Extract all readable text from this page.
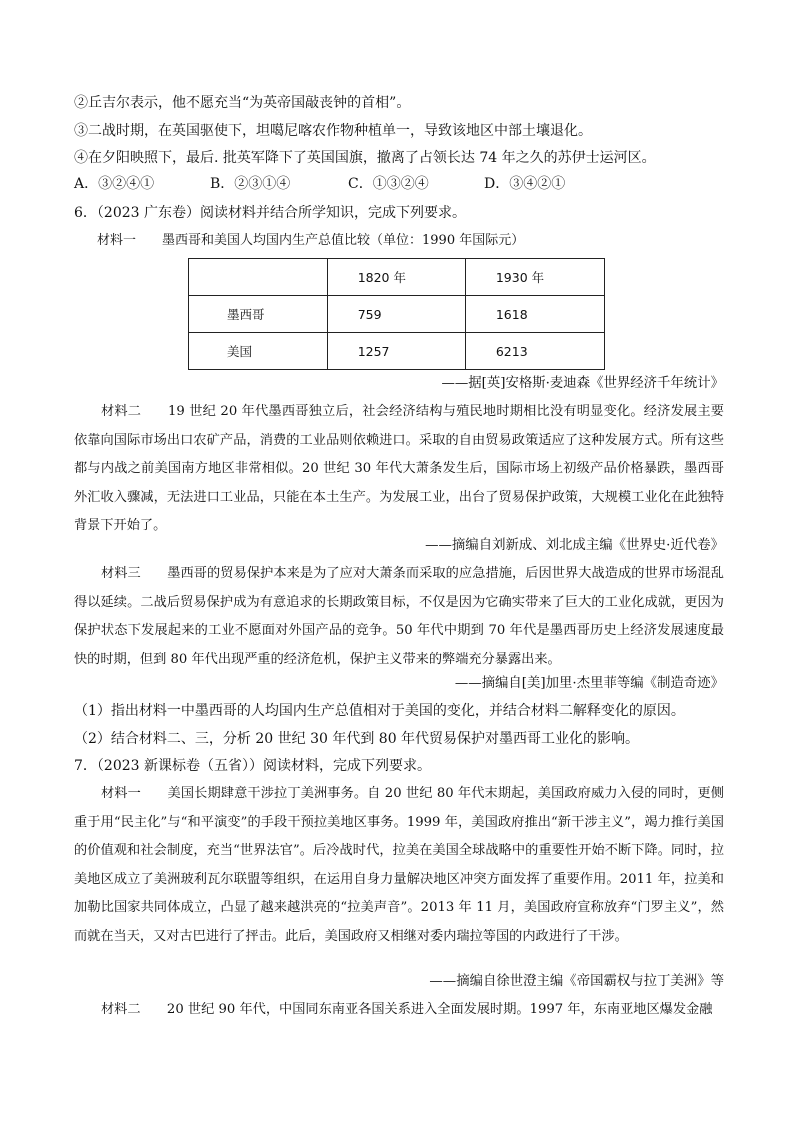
②丘吉尔表示，他不愿充当“为英帝国敲丧钟的首相”。
③二战时期，在英国驱使下，坦噶尼喀农作物种植单一，导致该地区中部土壤退化。
④在夕阳映照下，最后. 批英军降下了英国国旗，撤离了占领长达 74 年之久的苏伊士运河区。
A．③②④①	B．②③①④	C．①③②④	D．③④②①
6．（2023 广东卷）阅读材料并结合所学知识，完成下列要求。
材料一　　墨西哥和美国人均国内生产总值比较（单位：1990 年国际元）
	1820 年	1930 年
墨西哥	759	1618
美国	1257	6213
——据[英]安格斯·麦迪森《世界经济千年统计》
材料二　　19 世纪 20 年代墨西哥独立后，社会经济结构与殖民地时期相比没有明显变化。经济发展主要依靠向国际市场出口农矿产品，消费的工业品则依赖进口。采取的自由贸易政策适应了这种发展方式。所有这些都与内战之前美国南方地区非常相似。20 世纪 30 年代大萧条发生后，国际市场上初级产品价格暴跌，墨西哥外汇收入骤减，无法进口工业品，只能在本土生产。为发展工业，出台了贸易保护政策，大规模工业化在此独特背景下开始了。
——摘编自刘新成、刘北成主编《世界史·近代卷》
材料三　　墨西哥的贸易保护本来是为了应对大萧条而采取的应急措施，后因世界大战造成的世界市场混乱得以延续。二战后贸易保护成为有意追求的长期政策目标，不仅是因为它确实带来了巨大的工业化成就，更因为保护状态下发展起来的工业不愿面对外国产品的竞争。50 年代中期到 70 年代是墨西哥历史上经济发展速度最快的时期，但到 80 年代出现严重的经济危机，保护主义带来的弊端充分暴露出来。
——摘编自[美]加里·杰里菲等编《制造奇迹》
（1）指出材料一中墨西哥的人均国内生产总值相对于美国的变化，并结合材料二解释变化的原因。
（2）结合材料二、三，分析 20 世纪 30 年代到 80 年代贸易保护对墨西哥工业化的影响。
7．（2023 新课标卷（五省））阅读材料，完成下列要求。
材料一　　美国长期肆意干涉拉丁美洲事务。自 20 世纪 80 年代末期起，美国政府威力入侵的同时，更侧重于用“民主化”与“和平演变”的手段干预拉美地区事务。1999 年，美国政府推出“新干涉主义”，竭力推行美国的价值观和社会制度，充当“世界法官”。后冷战时代，拉美在美国全球战略中的重要性开始不断下降。同时，拉美地区成立了美洲玻利瓦尔联盟等组织，在运用自身力量解决地区冲突方面发挥了重要作用。2011 年，拉美和加勒比国家共同体成立，凸显了越来越洪亮的“拉美声音”。2013 年 11 月，美国政府宣称放弃“门罗主义”，然而就在当天，又对古巴进行了抨击。此后，美国政府又相继对委内瑞拉等国的内政进行了干涉。
——摘编自徐世澄主编《帝国霸权与拉丁美洲》等
材料二　　20 世纪 90 年代，中国同东南亚各国关系进入全面发展时期。1997 年，东南亚地区爆发金融
